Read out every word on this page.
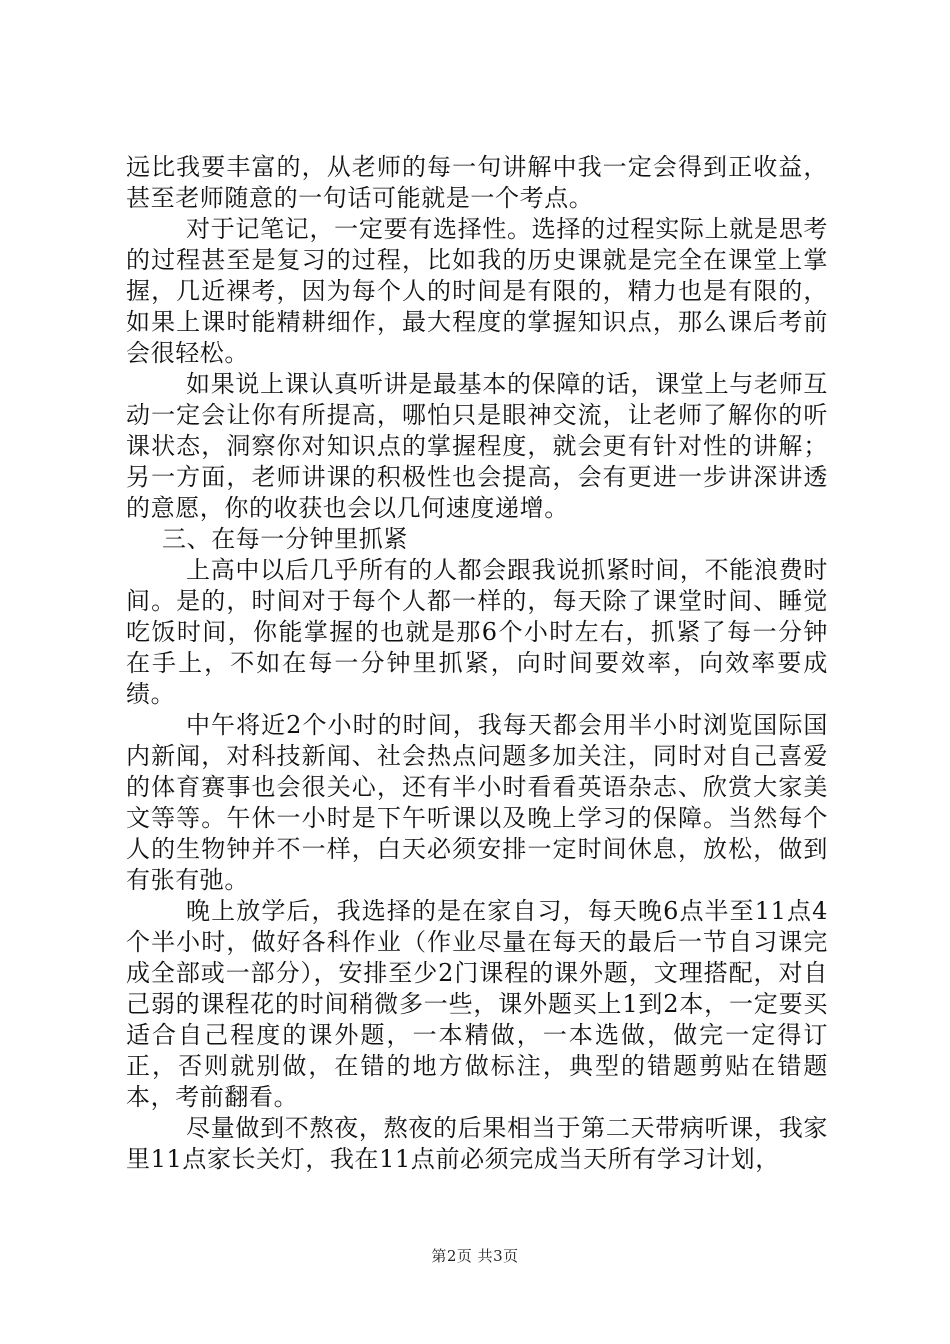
远比我要丰富的，从老师的每一句讲解中我一定会得到正收益，甚至老师随意的一句话可能就是一个考点。

对于记笔记，一定要有选择性。选择的过程实际上就是思考的过程甚至是复习的过程，比如我的历史课就是完全在课堂上掌握，几近裸考，因为每个人的时间是有限的，精力也是有限的，如果上课时能精耕细作，最大程度的掌握知识点，那么课后考前会很轻松。

如果说上课认真听讲是最基本的保障的话，课堂上与老师互动一定会让你有所提高，哪怕只是眼神交流，让老师了解你的听课状态，洞察你对知识点的掌握程度，就会更有针对性的讲解；另一方面，老师讲课的积极性也会提高，会有更进一步讲深讲透的意愿，你的收获也会以几何速度递增。

三、在每一分钟里抓紧

上高中以后几乎所有的人都会跟我说抓紧时间，不能浪费时间。是的，时间对于每个人都一样的，每天除了课堂时间、睡觉吃饭时间，你能掌握的也就是那6个小时左右，抓紧了每一分钟在手上，不如在每一分钟里抓紧，向时间要效率，向效率要成绩。

中午将近2个小时的时间，我每天都会用半小时浏览国际国内新闻，对科技新闻、社会热点问题多加关注，同时对自己喜爱的体育赛事也会很关心，还有半小时看看英语杂志、欣赏大家美文等等。午休一小时是下午听课以及晚上学习的保障。当然每个人的生物钟并不一样，白天必须安排一定时间休息，放松，做到有张有弛。

晚上放学后，我选择的是在家自习，每天晚6点半至11点4个半小时，做好各科作业（作业尽量在每天的最后一节自习课完成全部或一部分），安排至少2门课程的课外题，文理搭配，对自己弱的课程花的时间稍微多一些，课外题买上1到2本，一定要买适合自己程度的课外题，一本精做，一本选做，做完一定得订正，否则就别做，在错的地方做标注，典型的错题剪贴在错题本，考前翻看。

尽量做到不熬夜，熬夜的后果相当于第二天带病听课，我家里11点家长关灯，我在11点前必须完成当天所有学习计划，

第2页 共3页
